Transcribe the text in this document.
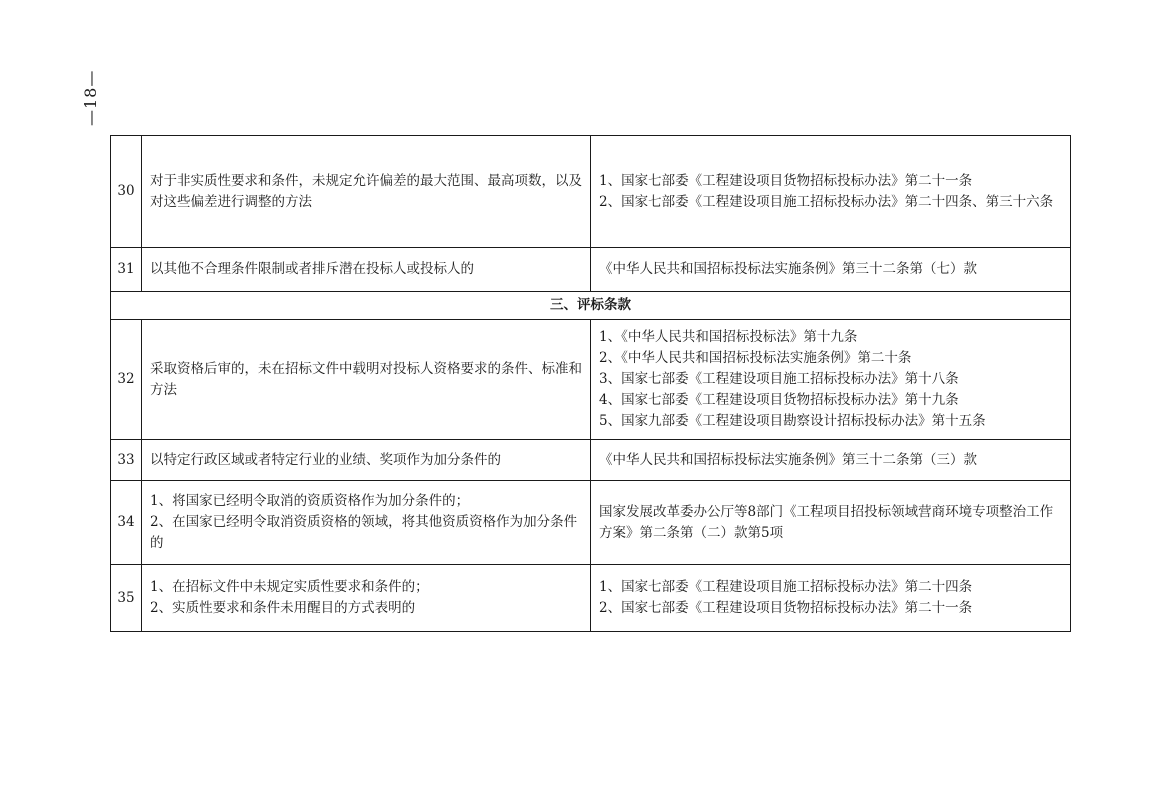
—18—
30	对于非实质性要求和条件，未规定允许偏差的最大范围、最高项数，以及对这些偏差进行调整的方法	1、国家七部委《工程建设项目货物招标投标办法》第二十一条
2、国家七部委《工程建设项目施工招标投标办法》第二十四条、第三十六条

31	以其他不合理条件限制或者排斥潜在投标人或投标人的	《中华人民共和国招标投标法实施条例》第三十二条第（七）款

三、评标条款		
32	采取资格后审的，未在招标文件中载明对投标人资格要求的条件、标准和方法	1、《中华人民共和国招标投标法》第十九条
2、《中华人民共和国招标投标法实施条例》第二十条
3、国家七部委《工程建设项目施工招标投标办法》第十八条
4、国家七部委《工程建设项目货物招标投标办法》第十九条
5、国家九部委《工程建设项目勘察设计招标投标办法》第十五条

33	以特定行政区域或者特定行业的业绩、奖项作为加分条件的	《中华人民共和国招标投标法实施条例》第三十二条第（三）款

34	1、将国家已经明令取消的资质资格作为加分条件的；
2、在国家已经明令取消资质资格的领域，将其他资质资格作为加分条件的	国家发展改革委办公厅等8部门《工程项目招投标领域营商环境专项整治工作方案》第二条第（二）款第5项

35	1、在招标文件中未规定实质性要求和条件的；
2、实质性要求和条件未用醒目的方式表明的	1、国家七部委《工程建设项目施工招标投标办法》第二十四条
2、国家七部委《工程建设项目货物招标投标办法》第二十一条
